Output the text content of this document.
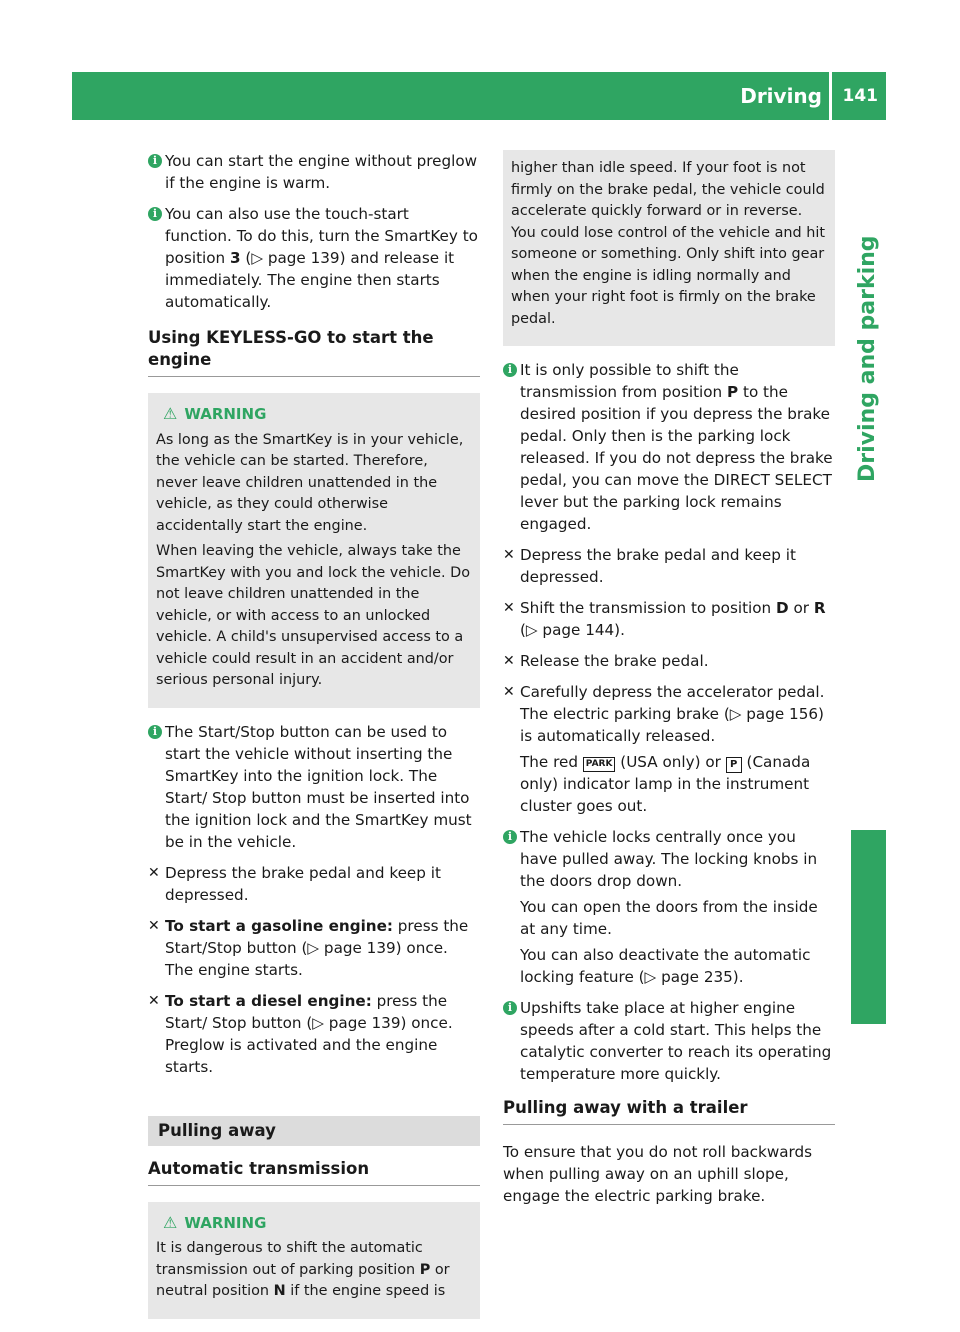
Driving 141
Driving and parking
i You can start the engine without preglow if the engine is warm.
i You can also use the touch-start function. To do this, turn the SmartKey to position 3 (▷ page 139) and release it immediately. The engine then starts automatically.
Using KEYLESS-GO to start the engine
⚠ WARNING
As long as the SmartKey is in your vehicle, the vehicle can be started. Therefore, never leave children unattended in the vehicle, as they could otherwise accidentally start the engine.
When leaving the vehicle, always take the SmartKey with you and lock the vehicle. Do not leave children unattended in the vehicle, or with access to an unlocked vehicle. A child's unsupervised access to a vehicle could result in an accident and/or serious personal injury.
i The Start/Stop button can be used to start the vehicle without inserting the SmartKey into the ignition lock. The Start/ Stop button must be inserted into the ignition lock and the SmartKey must be in the vehicle.
✕ Depress the brake pedal and keep it depressed.
✕ To start a gasoline engine: press the Start/Stop button (▷ page 139) once.
The engine starts.
✕ To start a diesel engine: press the Start/ Stop button (▷ page 139) once.
Preglow is activated and the engine starts.
Pulling away
Automatic transmission
⚠ WARNING
It is dangerous to shift the automatic transmission out of parking position P or neutral position N if the engine speed is
higher than idle speed. If your foot is not firmly on the brake pedal, the vehicle could accelerate quickly forward or in reverse. You could lose control of the vehicle and hit someone or something. Only shift into gear when the engine is idling normally and when your right foot is firmly on the brake pedal.
i It is only possible to shift the transmission from position P to the desired position if you depress the brake pedal. Only then is the parking lock released. If you do not depress the brake pedal, you can move the DIRECT SELECT lever but the parking lock remains engaged.
✕ Depress the brake pedal and keep it depressed.
✕ Shift the transmission to position D or R
(▷ page 144).
✕ Release the brake pedal.
✕ Carefully depress the accelerator pedal.
The electric parking brake (▷ page 156) is automatically released.
The red PARK (USA only) or P (Canada only) indicator lamp in the instrument cluster goes out.
i The vehicle locks centrally once you have pulled away. The locking knobs in the doors drop down.
You can open the doors from the inside at any time.
You can also deactivate the automatic locking feature (▷ page 235).
i Upshifts take place at higher engine speeds after a cold start. This helps the catalytic converter to reach its operating temperature more quickly.
Pulling away with a trailer
To ensure that you do not roll backwards when pulling away on an uphill slope, engage the electric parking brake.
